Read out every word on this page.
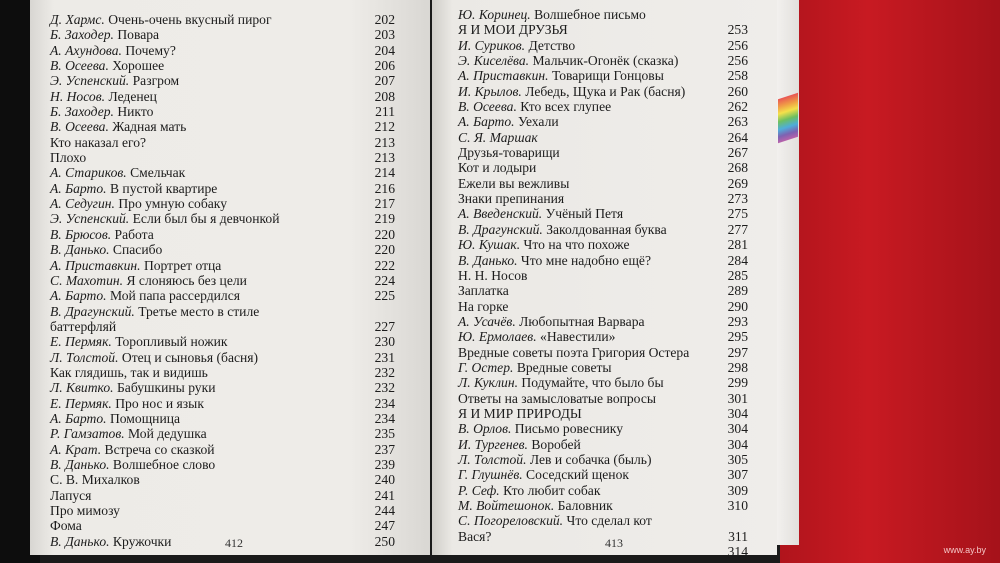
Д. Хармс. Очень-очень вкусный пирог	202
Б. Заходер. Повара	203
А. Ахундова. Почему?	204
В. Осеева. Хорошее	206
Э. Успенский. Разгром	207
Н. Носов. Леденец	208
Б. Заходер. Никто	211
В. Осеева. Жадная мать	212
Кто наказал его?	213
Плохо	213
А. Стариков. Смельчак	214
А. Барто. В пустой квартире	216
А. Седугин. Про умную собаку	217
Э. Успенский. Если был бы я девчонкой	219
В. Брюсов. Работа	220
В. Данько. Спасибо	220
А. Приставкин. Портрет отца	222
С. Махотин. Я слоняюсь без цели	224
А. Барто. Мой папа рассердился	225
В. Драгунский. Третье место в стиле
баттерфляй	227
Е. Пермяк. Торопливый ножик	230
Л. Толстой. Отец и сыновья (басня)	231
Как глядишь, так и видишь	232
Л. Квитко. Бабушкины руки	232
Е. Пермяк. Про нос и язык	234
А. Барто. Помощница	234
Р. Гамзатов. Мой дедушка	235
А. Крат. Встреча со сказкой	237
В. Данько. Волшебное слово	239
С. В. Михалков	240
Лапуся	241
Про мимозу	244
Фома	247
В. Данько. Кружочки	250
Ю. Коринец. Волшебное письмо
Я И МОИ ДРУЗЬЯ	253
И. Суриков. Детство	256
Э. Киселёва. Мальчик-Огонёк (сказка)	256
А. Приставкин. Товарищи Гонцовы	258
И. Крылов. Лебедь, Щука и Рак (басня)	260
В. Осеева. Кто всех глупее	262
А. Барто. Уехали	263
С. Я. Маршак	264
Друзья-товарищи	267
Кот и лодыри	268
Ежели вы вежливы	269
Знаки препинания	273
А. Введенский. Учёный Петя	275
В. Драгунский. Заколдованная буква	277
Ю. Кушак. Что на что похоже	281
В. Данько. Что мне надобно ещё?	284
Н. Н. Носов	285
Заплатка	289
На горке	290
А. Усачёв. Любопытная Варвара	293
Ю. Ермолаев. «Навестили»	295
Вредные советы поэта Григория Остера	297
Г. Остер. Вредные советы	298
Л. Куклин. Подумайте, что было бы	299
Ответы на замысловатые вопросы	301
Я И МИР ПРИРОДЫ	304
В. Орлов. Письмо ровеснику	304
И. Тургенев. Воробей	304
Л. Толстой. Лев и собачка (быль)	305
Г. Глушнёв. Соседский щенок	307
Р. Сеф. Кто любит собак	309
М. Войтешонок. Баловник	310
С. Погореловский. Что сделал кот
Вася?	311
314
412	413	www.ay.by
